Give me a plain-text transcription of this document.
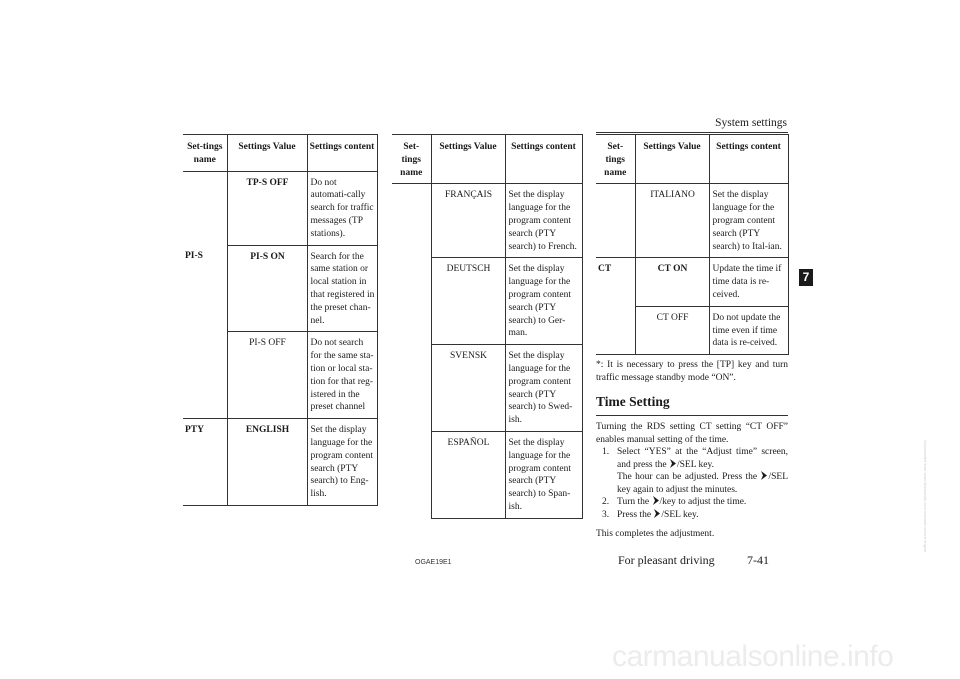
System settings
7
Set-tings name	Settings Value	Settings content
	TP-S OFF	Do not automati-cally search for traffic messages (TP stations).
PI-S	PI-S ON	Search for the same station or local station in that registered in the preset chan-nel.
	PI-S OFF	Do not search for the same sta-tion or local sta-tion for that reg-istered in the preset channel
PTY	ENGLISH	Set the display language for the program content search (PTY search) to Eng-lish.
Set-tings name	Settings Value	Settings content
	FRANÇAIS	Set the display language for the program content search (PTY search) to French.
	DEUTSCH	Set the display language for the program content search (PTY search) to Ger-man.
	SVENSK	Set the display language for the program content search (PTY search) to Swed-ish.
	ESPAÑOL	Set the display language for the program content search (PTY search) to Span-ish.
Set-tings name	Settings Value	Settings content
	ITALIANO	Set the display language for the program content search (PTY search) to Ital-ian.
CT	CT ON	Update the time if time data is re-ceived.
	CT OFF	Do not update the time even if time data is re-ceived.
*: It is necessary to press the [TP] key and turn traffic message standby mode “ON”.
Time Setting
Turning the RDS setting CT setting “CT OFF” enables manual setting of the time.
1. Select “YES” at the “Adjust time” screen, and press the /SEL key.
The hour can be adjusted. Press the /SEL key again to adjust the minutes.
2. Turn the /key to adjust the time.
3. Press the /SEL key.
This completes the adjustment.
OGAE19E1	For pleasant driving	7-41
carmanualsonline.info
Downloaded from www.Manualslib.com manuals search engine
